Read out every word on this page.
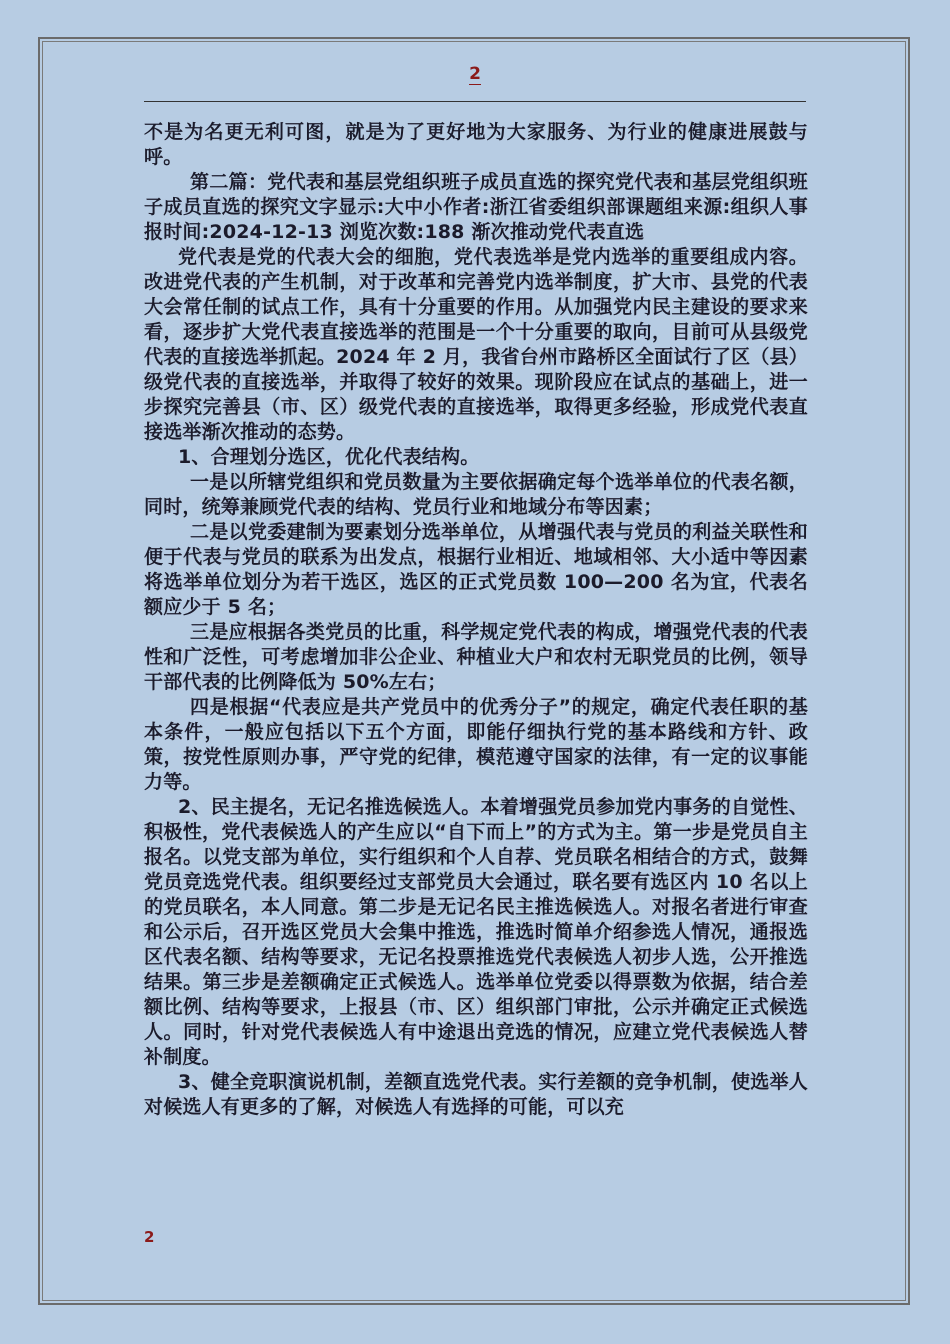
2

不是为名更无利可图，就是为了更好地为大家服务、为行业的健康进展鼓与呼。

第二篇：党代表和基层党组织班子成员直选的探究党代表和基层党组织班子成员直选的探究文字显示:大中小作者:浙江省委组织部课题组来源:组织人事报时间:2024-12-13 浏览次数:188 渐次推动党代表直选

党代表是党的代表大会的细胞，党代表选举是党内选举的重要组成内容。改进党代表的产生机制，对于改革和完善党内选举制度，扩大市、县党的代表大会常任制的试点工作，具有十分重要的作用。从加强党内民主建设的要求来看，逐步扩大党代表直接选举的范围是一个十分重要的取向，目前可从县级党代表的直接选举抓起。2024 年 2 月，我省台州市路桥区全面试行了区（县）级党代表的直接选举，并取得了较好的效果。现阶段应在试点的基础上，进一步探究完善县（市、区）级党代表的直接选举，取得更多经验，形成党代表直接选举渐次推动的态势。

1、合理划分选区，优化代表结构。

一是以所辖党组织和党员数量为主要依据确定每个选举单位的代表名额，同时，统筹兼顾党代表的结构、党员行业和地域分布等因素；

二是以党委建制为要素划分选举单位，从增强代表与党员的利益关联性和便于代表与党员的联系为出发点，根据行业相近、地域相邻、大小适中等因素将选举单位划分为若干选区，选区的正式党员数 100—200 名为宜，代表名额应少于 5 名；

三是应根据各类党员的比重，科学规定党代表的构成，增强党代表的代表性和广泛性，可考虑增加非公企业、种植业大户和农村无职党员的比例，领导干部代表的比例降低为 50%左右；

四是根据“代表应是共产党员中的优秀分子”的规定，确定代表任职的基本条件，一般应包括以下五个方面，即能仔细执行党的基本路线和方针、政策，按党性原则办事，严守党的纪律，模范遵守国家的法律，有一定的议事能力等。

2、民主提名，无记名推选候选人。本着增强党员参加党内事务的自觉性、积极性，党代表候选人的产生应以“自下而上”的方式为主。第一步是党员自主报名。以党支部为单位，实行组织和个人自荐、党员联名相结合的方式，鼓舞党员竞选党代表。组织要经过支部党员大会通过，联名要有选区内 10 名以上的党员联名，本人同意。第二步是无记名民主推选候选人。对报名者进行审查和公示后，召开选区党员大会集中推选，推选时简单介绍参选人情况，通报选区代表名额、结构等要求，无记名投票推选党代表候选人初步人选，公开推选结果。第三步是差额确定正式候选人。选举单位党委以得票数为依据，结合差额比例、结构等要求，上报县（市、区）组织部门审批，公示并确定正式候选人。同时，针对党代表候选人有中途退出竞选的情况，应建立党代表候选人替补制度。

3、健全竞职演说机制，差额直选党代表。实行差额的竞争机制，使选举人对候选人有更多的了解，对候选人有选择的可能，可以充

2
